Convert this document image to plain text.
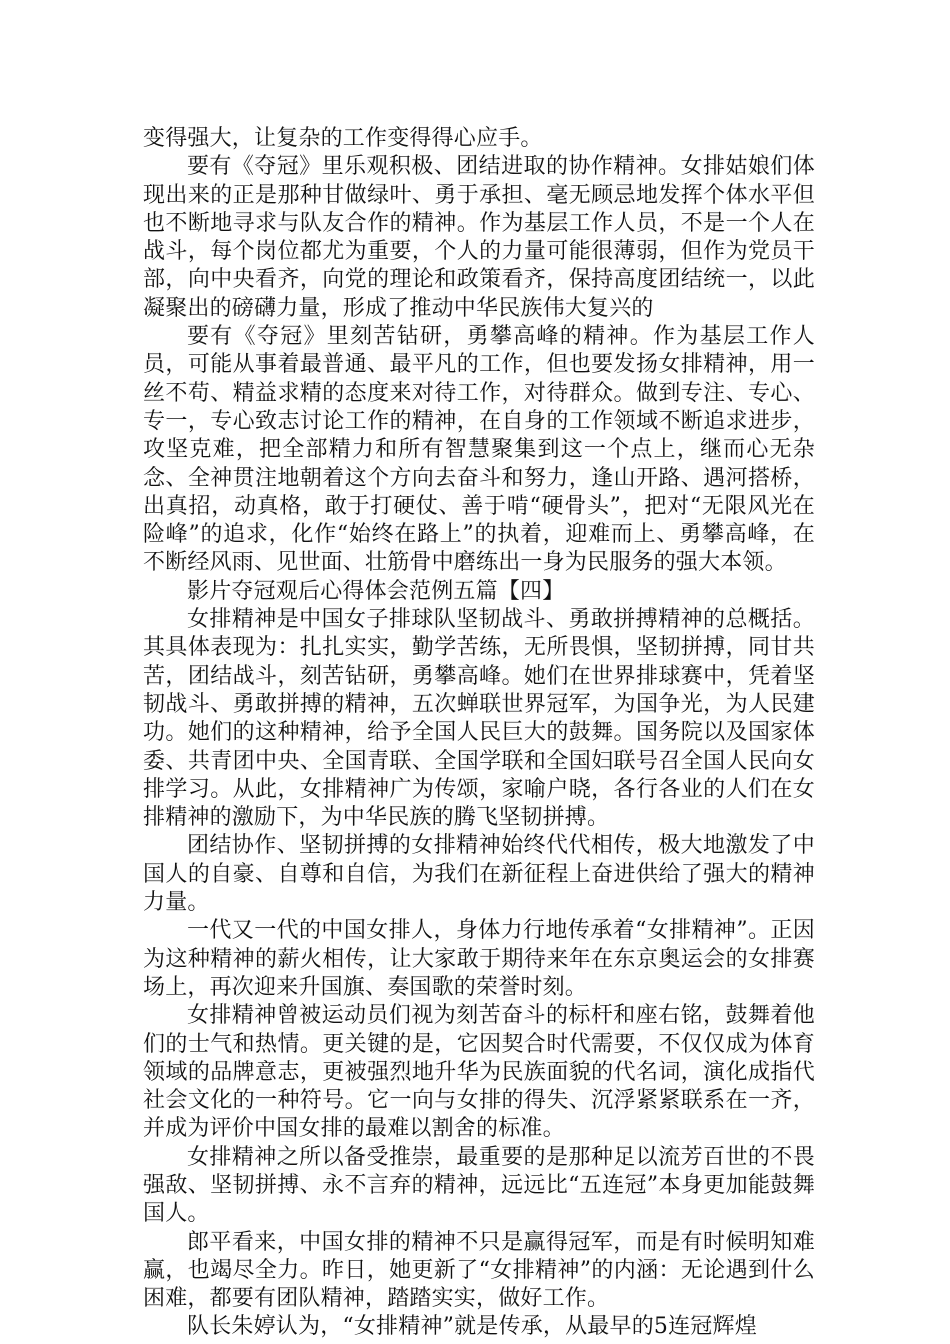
变得强大，让复杂的工作变得得心应手。

要有《夺冠》里乐观积极、团结进取的协作精神。女排姑娘们体现出来的正是那种甘做绿叶、勇于承担、毫无顾忌地发挥个体水平但也不断地寻求与队友合作的精神。作为基层工作人员，不是一个人在战斗，每个岗位都尤为重要，个人的力量可能很薄弱，但作为党员干部，向中央看齐，向党的理论和政策看齐，保持高度团结统一，以此凝聚出的磅礴力量，形成了推动中华民族伟大复兴的

要有《夺冠》里刻苦钻研，勇攀高峰的精神。作为基层工作人员，可能从事着最普通、最平凡的工作，但也要发扬女排精神，用一丝不苟、精益求精的态度来对待工作，对待群众。做到专注、专心、专一，专心致志讨论工作的精神，在自身的工作领域不断追求进步，攻坚克难，把全部精力和所有智慧聚集到这一个点上，继而心无杂念、全神贯注地朝着这个方向去奋斗和努力，逢山开路、遇河搭桥，出真招，动真格，敢于打硬仗、善于啃“硬骨头”，把对“无限风光在险峰”的追求，化作“始终在路上”的执着，迎难而上、勇攀高峰，在不断经风雨、见世面、壮筋骨中磨练出一身为民服务的强大本领。

影片夺冠观后心得体会范例五篇【四】

女排精神是中国女子排球队坚韧战斗、勇敢拼搏精神的总概括。其具体表现为：扎扎实实，勤学苦练，无所畏惧，坚韧拼搏，同甘共苦，团结战斗，刻苦钻研，勇攀高峰。她们在世界排球赛中，凭着坚韧战斗、勇敢拼搏的精神，五次蝉联世界冠军，为国争光，为人民建功。她们的这种精神，给予全国人民巨大的鼓舞。国务院以及国家体委、共青团中央、全国青联、全国学联和全国妇联号召全国人民向女排学习。从此，女排精神广为传颂，家喻户晓，各行各业的人们在女排精神的激励下，为中华民族的腾飞坚韧拼搏。

团结协作、坚韧拼搏的女排精神始终代代相传，极大地激发了中国人的自豪、自尊和自信，为我们在新征程上奋进供给了强大的精神力量。

一代又一代的中国女排人，身体力行地传承着“女排精神”。正因为这种精神的薪火相传，让大家敢于期待来年在东京奥运会的女排赛场上，再次迎来升国旗、奏国歌的荣誉时刻。

女排精神曾被运动员们视为刻苦奋斗的标杆和座右铭，鼓舞着他们的士气和热情。更关键的是，它因契合时代需要，不仅仅成为体育领域的品牌意志，更被强烈地升华为民族面貌的代名词，演化成指代社会文化的一种符号。它一向与女排的得失、沉浮紧紧联系在一齐，并成为评价中国女排的最难以割舍的标准。

女排精神之所以备受推崇，最重要的是那种足以流芳百世的不畏强敌、坚韧拼搏、永不言弃的精神，远远比“五连冠”本身更加能鼓舞国人。

郎平看来，中国女排的精神不只是赢得冠军，而是有时候明知难赢，也竭尽全力。昨日，她更新了“女排精神”的内涵：无论遇到什么困难，都要有团队精神，踏踏实实，做好工作。

队长朱婷认为，“女排精神”就是传承，从最早的5连冠辉煌
